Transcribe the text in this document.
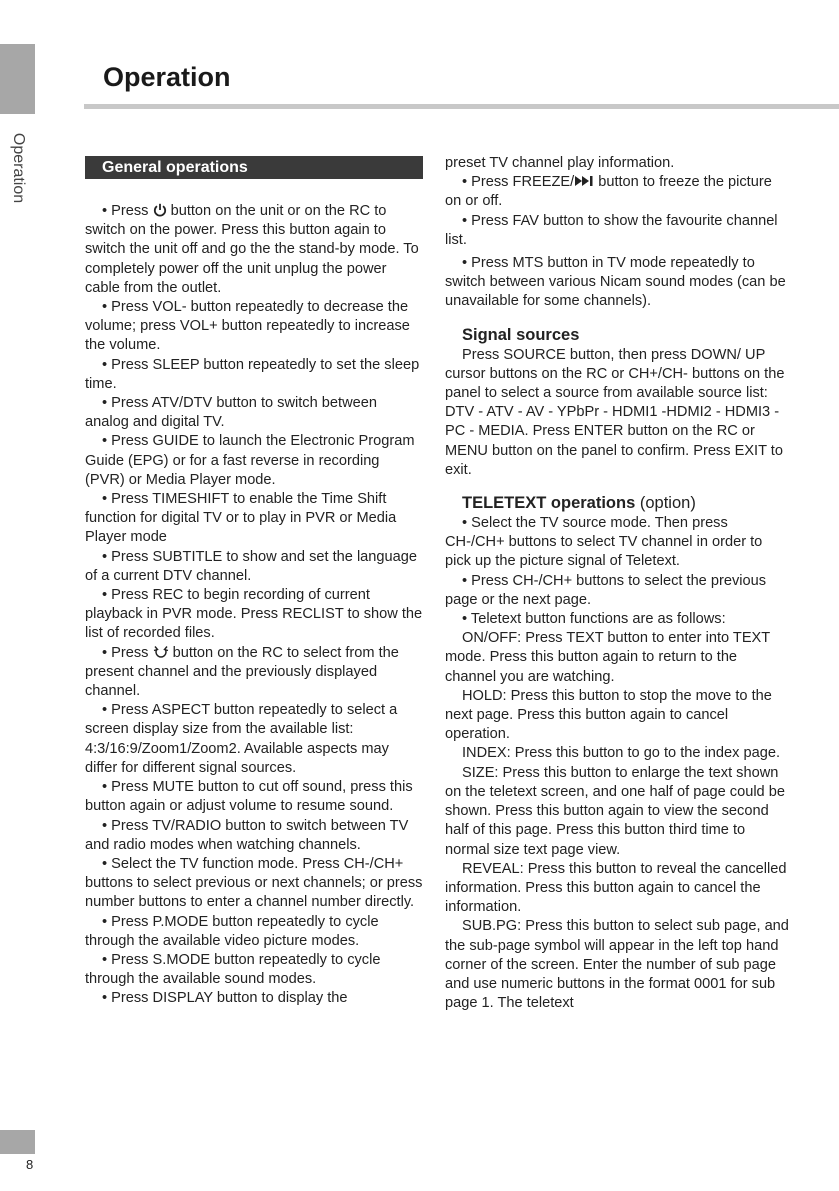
Operation
Operation
General operations

• Press  button on the unit or on the RC to switch on the power. Press this button again to switch the unit off and go the the stand-by mode. To completely power off the unit unplug the power cable from the outlet.

• Press VOL- button repeatedly to decrease the volume; press VOL+ button repeatedly to increase the volume.

• Press SLEEP button repeatedly to set the sleep time.

• Press ATV/DTV button to switch between analog and digital TV.

• Press GUIDE to launch the Electronic Program Guide (EPG) or for a fast reverse in recording (PVR) or Media Player mode.

• Press TIMESHIFT to enable the Time Shift function for digital TV or to play in PVR or Media Player mode

• Press SUBTITLE to show and set the language of a current DTV channel.

• Press REC to begin recording of current playback in PVR mode. Press RECLIST to show the list of recorded files.

• Press  button on the RC to select from the present channel and the previously displayed channel.

• Press ASPECT button repeatedly to select a screen display size from the available list: 4:3/16:9/Zoom1/Zoom2. Available aspects may differ for different signal sources.

• Press MUTE button to cut off sound, press this button again or adjust volume to resume sound.

• Press TV/RADIO button to switch between TV and radio modes when watching channels.

• Select the TV function mode. Press CH-/CH+ buttons to select previous or next channels; or press number buttons to enter a channel number directly.

• Press P.MODE button repeatedly to cycle through the available video picture modes.

• Press S.MODE button repeatedly to cycle through the available sound modes.

• Press DISPLAY button to display the

preset TV channel play information.

• Press FREEZE/ button to freeze the picture on or off.

• Press FAV button to show the favourite channel list.

• Press MTS button in TV mode repeatedly to switch between various Nicam sound modes (can be unavailable for some channels).

Signal sources

Press SOURCE button, then press DOWN/ UP cursor buttons on the RC or CH+/CH- buttons on the panel to select a source from available source list: DTV - ATV - AV - YPbPr - HDMI1 -HDMI2 - HDMI3 - PC - MEDIA. Press ENTER button on the RC or MENU button on the panel to confirm. Press EXIT to exit.

TELETEXT operations (option)

• Select the TV source mode. Then press CH-/CH+ buttons to select TV channel in order to pick up the picture signal of Teletext.

• Press CH-/CH+ buttons to select the previous page or the next page.

• Teletext button functions are as follows:

ON/OFF: Press TEXT button to enter into TEXT mode. Press this button again to return to the channel you are watching.

HOLD: Press this button to stop the move to the next page. Press this button again to cancel operation.

INDEX: Press this button to go to the index page.

SIZE: Press this button to enlarge the text shown on the teletext screen, and one half of page could be shown. Press this button again to view the second half of this page. Press this button third time to normal size text page view.

REVEAL: Press this button to reveal the cancelled information. Press this button again to cancel the information.

SUB.PG: Press this button to select sub page, and the sub-page symbol will appear in the left top hand corner of the screen. Enter the number of sub page and use numeric buttons in the format 0001 for sub page 1. The teletext

8
